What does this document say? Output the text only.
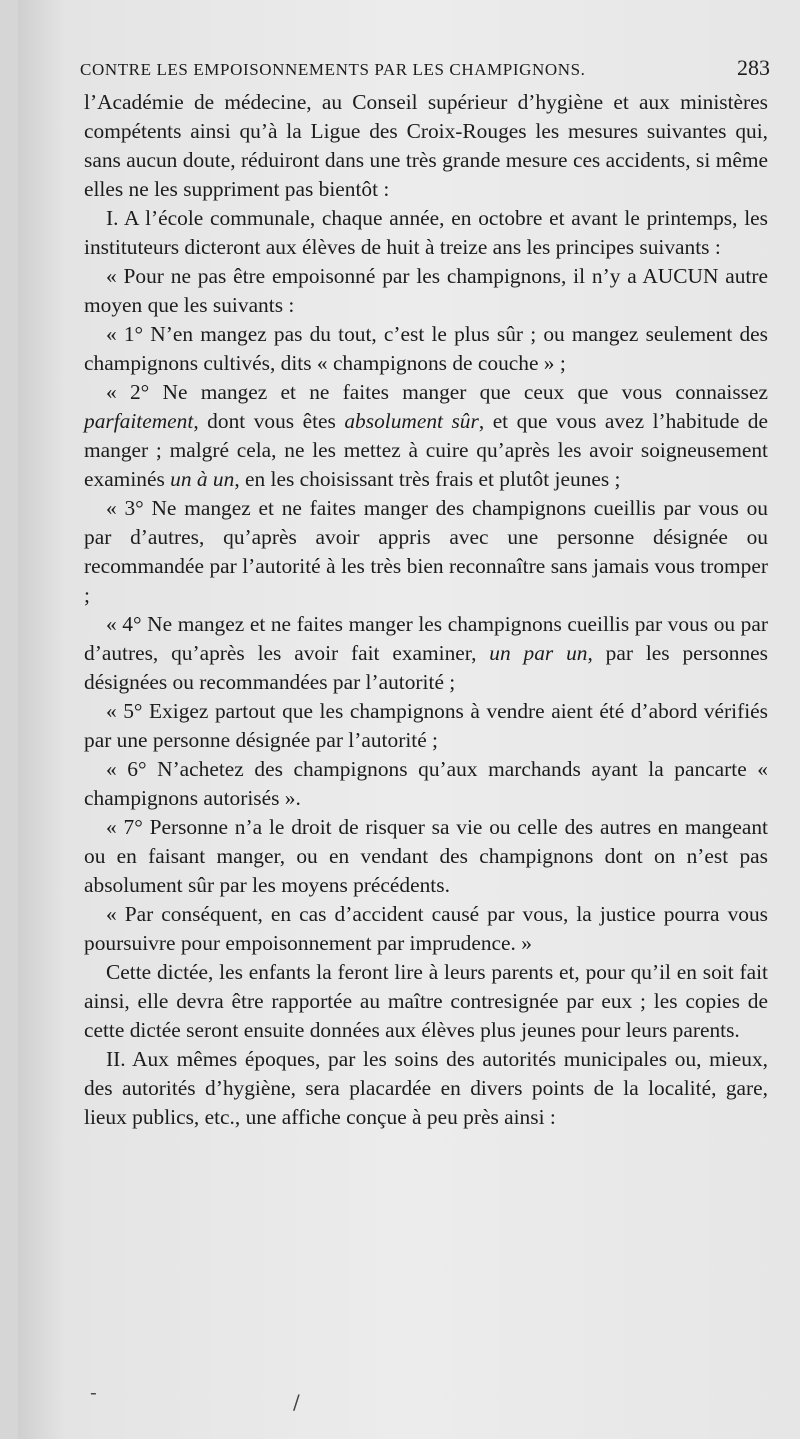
CONTRE LES EMPOISONNEMENTS PAR LES CHAMPIGNONS.	283

l’Académie de médecine, au Conseil supérieur d’hygiène et aux ministères compétents ainsi qu’à la Ligue des Croix-Rouges les mesures suivantes qui, sans aucun doute, réduiront dans une très grande mesure ces accidents, si même elles ne les suppriment pas bientôt :

I. A l’école communale, chaque année, en octobre et avant le printemps, les instituteurs dicteront aux élèves de huit à treize ans les principes suivants :

« Pour ne pas être empoisonné par les champignons, il n’y a AUCUN autre moyen que les suivants :

« 1° N’en mangez pas du tout, c’est le plus sûr ; ou mangez seulement des champignons cultivés, dits « champignons de couche » ;

« 2° Ne mangez et ne faites manger que ceux que vous connaissez parfaitement, dont vous êtes absolument sûr, et que vous avez l’habitude de manger ; malgré cela, ne les mettez à cuire qu’après les avoir soigneusement examinés un à un, en les choisissant très frais et plutôt jeunes ;

« 3° Ne mangez et ne faites manger des champignons cueillis par vous ou par d’autres, qu’après avoir appris avec une personne désignée ou recommandée par l’autorité à les très bien reconnaître sans jamais vous tromper ;

« 4° Ne mangez et ne faites manger les champignons cueillis par vous ou par d’autres, qu’après les avoir fait examiner, un par un, par les personnes désignées ou recommandées par l’autorité ;

« 5° Exigez partout que les champignons à vendre aient été d’abord vérifiés par une personne désignée par l’autorité ;

« 6° N’achetez des champignons qu’aux marchands ayant la pancarte « champignons autorisés ».

« 7° Personne n’a le droit de risquer sa vie ou celle des autres en mangeant ou en faisant manger, ou en vendant des champignons dont on n’est pas absolument sûr par les moyens précédents.

« Par conséquent, en cas d’accident causé par vous, la justice pourra vous poursuivre pour empoisonnement par imprudence. »

Cette dictée, les enfants la feront lire à leurs parents et, pour qu’il en soit fait ainsi, elle devra être rapportée au maître contresignée par eux ; les copies de cette dictée seront ensuite données aux élèves plus jeunes pour leurs parents.

II. Aux mêmes époques, par les soins des autorités municipales ou, mieux, des autorités d’hygiène, sera placardée en divers points de la localité, gare, lieux publics, etc., une affiche conçue à peu près ainsi :

-	/
